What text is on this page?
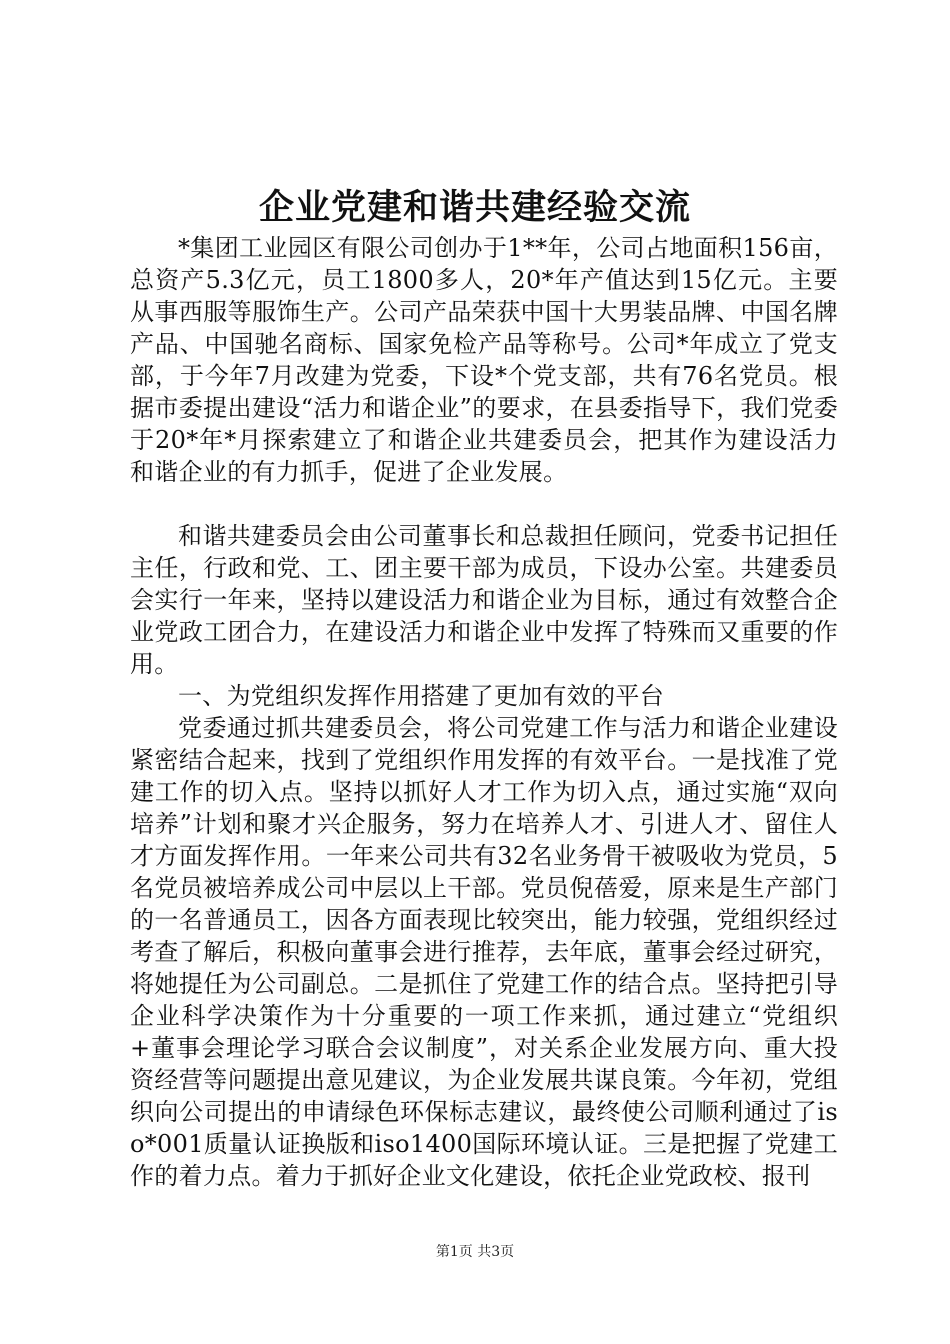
企业党建和谐共建经验交流

*集团工业园区有限公司创办于1**年，公司占地面积156亩，总资产5.3亿元，员工1800多人，20*年产值达到15亿元。主要从事西服等服饰生产。公司产品荣获中国十大男装品牌、中国名牌产品、中国驰名商标、国家免检产品等称号。公司*年成立了党支部，于今年7月改建为党委，下设*个党支部，共有76名党员。根据市委提出建设“活力和谐企业”的要求，在县委指导下，我们党委于20*年*月探索建立了和谐企业共建委员会，把其作为建设活力和谐企业的有力抓手，促进了企业发展。

和谐共建委员会由公司董事长和总裁担任顾问，党委书记担任主任，行政和党、工、团主要干部为成员，下设办公室。共建委员会实行一年来，坚持以建设活力和谐企业为目标，通过有效整合企业党政工团合力，在建设活力和谐企业中发挥了特殊而又重要的作用。

一、为党组织发挥作用搭建了更加有效的平台

党委通过抓共建委员会，将公司党建工作与活力和谐企业建设紧密结合起来，找到了党组织作用发挥的有效平台。一是找准了党建工作的切入点。坚持以抓好人才工作为切入点，通过实施“双向培养”计划和聚才兴企服务，努力在培养人才、引进人才、留住人才方面发挥作用。一年来公司共有32名业务骨干被吸收为党员，5名党员被培养成公司中层以上干部。党员倪蓓爱，原来是生产部门的一名普通员工，因各方面表现比较突出，能力较强，党组织经过考查了解后，积极向董事会进行推荐，去年底，董事会经过研究，将她提任为公司副总。二是抓住了党建工作的结合点。坚持把引导企业科学决策作为十分重要的一项工作来抓，通过建立“党组织+董事会理论学习联合会议制度”，对关系企业发展方向、重大投资经营等问题提出意见建议，为企业发展共谋良策。今年初，党组织向公司提出的申请绿色环保标志建议，最终使公司顺利通过了iso*001质量认证换版和iso1400国际环境认证。三是把握了党建工作的着力点。着力于抓好企业文化建设，依托企业党政校、报刊

第1页 共3页
